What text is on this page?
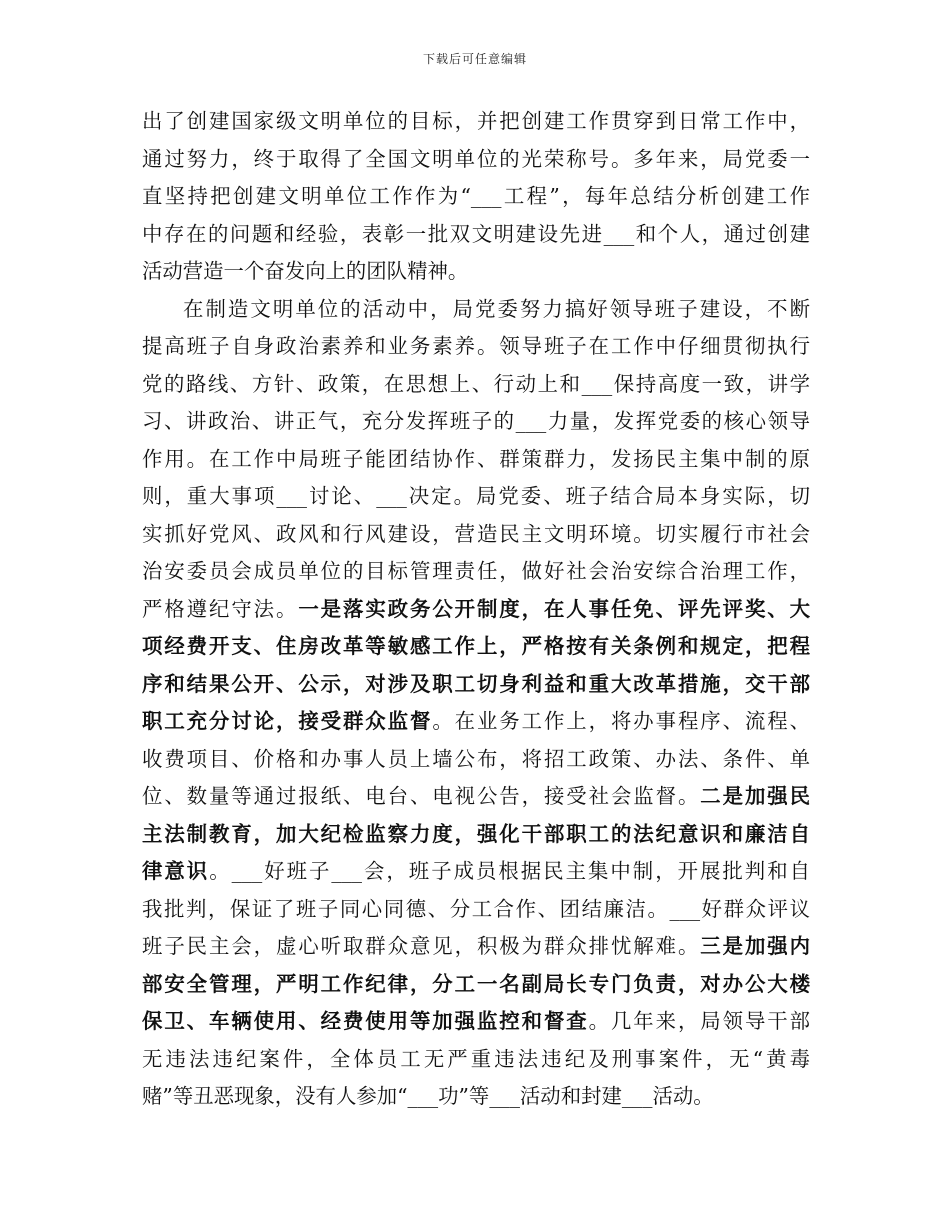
下载后可任意编辑
出了创建国家级文明单位的目标，并把创建工作贯穿到日常工作中，
通过努力，终于取得了全国文明单位的光荣称号。多年来，局党委一
直坚持把创建文明单位工作作为“___工程”，每年总结分析创建工作
中存在的问题和经验，表彰一批双文明建设先进___和个人，通过创建
活动营造一个奋发向上的团队精神。
在制造文明单位的活动中，局党委努力搞好领导班子建设，不断
提高班子自身政治素养和业务素养。领导班子在工作中仔细贯彻执行
党的路线、方针、政策，在思想上、行动上和___保持高度一致，讲学
习、讲政治、讲正气，充分发挥班子的___力量，发挥党委的核心领导
作用。在工作中局班子能团结协作、群策群力，发扬民主集中制的原
则，重大事项___讨论、___决定。局党委、班子结合局本身实际，切
实抓好党风、政风和行风建设，营造民主文明环境。切实履行市社会
治安委员会成员单位的目标管理责任，做好社会治安综合治理工作，
严格遵纪守法。一是落实政务公开制度，在人事任免、评先评奖、大
项经费开支、住房改革等敏感工作上，严格按有关条例和规定，把程
序和结果公开、公示，对涉及职工切身利益和重大改革措施，交干部
职工充分讨论，接受群众监督。在业务工作上，将办事程序、流程、
收费项目、价格和办事人员上墙公布，将招工政策、办法、条件、单
位、数量等通过报纸、电台、电视公告，接受社会监督。二是加强民
主法制教育，加大纪检监察力度，强化干部职工的法纪意识和廉洁自
律意识。___好班子___会，班子成员根据民主集中制，开展批判和自
我批判，保证了班子同心同德、分工合作、团结廉洁。___好群众评议
班子民主会，虚心听取群众意见，积极为群众排忧解难。三是加强内
部安全管理，严明工作纪律，分工一名副局长专门负责，对办公大楼
保卫、车辆使用、经费使用等加强监控和督查。几年来，局领导干部
无违法违纪案件，全体员工无严重违法违纪及刑事案件，无“黄毒
赌”等丑恶现象，没有人参加“___功”等___活动和封建___活动。
